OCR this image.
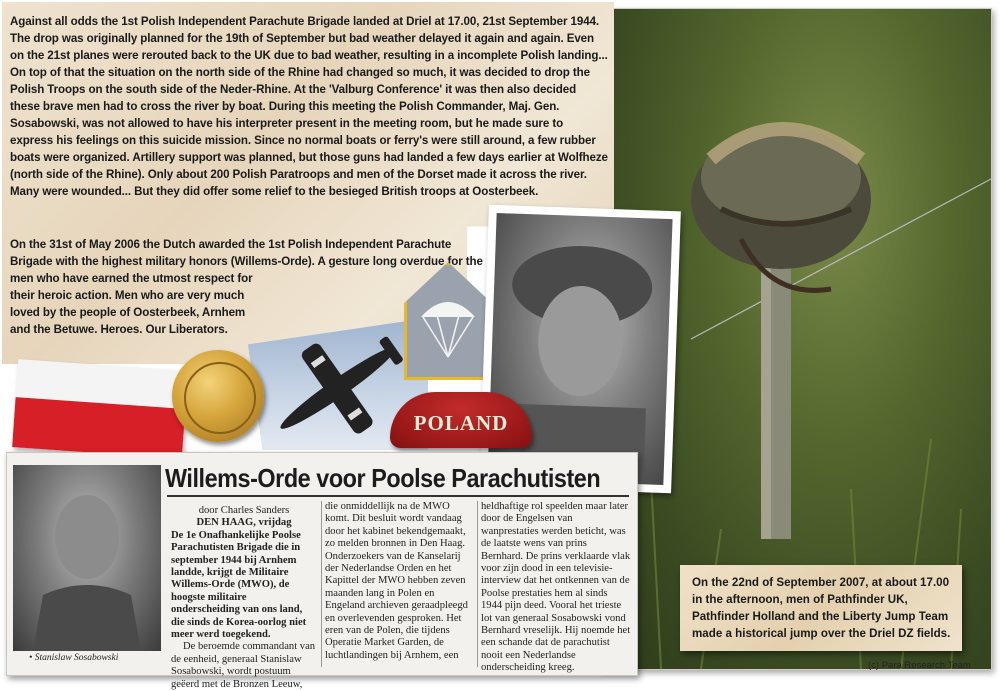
Against all odds the 1st Polish Independent Parachute Brigade landed at Driel at 17.00, 21st September 1944. The drop was originally planned for the 19th of September but bad weather delayed it again and again. Even on the 21st planes were rerouted back to the UK due to bad weather, resulting in a incomplete Polish landing... On top of that the situation on the north side of the Rhine had changed so much, it was decided to drop the Polish Troops on the south side of the Neder-Rhine. At the 'Valburg Conference' it was then also decided these brave men had to cross the river by boat. During this meeting the Polish Commander, Maj. Gen. Sosabowski, was not allowed to have his interpreter present in the meeting room, but he made sure to express his feelings on this suicide mission. Since no normal boats or ferry's were still around, a few rubber boats were organized. Artillery support was planned, but those guns had landed a few days earlier at Wolfheze (north side of the Rhine). Only about 200 Polish Paratroops and men of the Dorset made it across the river. Many were wounded... But they did offer some relief to the besieged British troops at Oosterbeek.
On the 31st of May 2006 the Dutch awarded the 1st Polish Independent Parachute Brigade with the highest military honors (Willems-Orde). A gesture long overdue for the
men who have earned the utmost respect for their heroic action. Men who are very much loved by the people of Oosterbeek, Arnhem and the Betuwe. Heroes. Our Liberators.
POLAND
• Stanislaw Sosabowski
Willems-Orde voor Poolse Parachutisten
door Charles Sanders
DEN HAAG, vrijdag
De 1e Onafhankelijke Poolse Parachutisten Brigade die in september 1944 bij Arnhem landde, krijgt de Militaire Willems-Orde (MWO), de hoogste militaire onderscheiding van ons land, die sinds de Korea-oorlog niet meer werd toegekend.
De beroemde commandant van de eenheid, generaal Stanislaw Sosabowski, wordt postuum geëerd met de Bronzen Leeuw,
die onmiddellijk na de MWO komt. Dit besluit wordt vandaag door het kabinet bekendgemaakt, zo melden bronnen in Den Haag. Onderzoekers van de Kanselarij der Nederlandse Orden en het Kapittel der MWO hebben zeven maanden lang in Polen en Engeland archieven geraadpleegd en overlevenden gesproken. Het eren van de Polen, die tijdens Operatie Market Garden, de luchtlandingen bij Arnhem, een
heldhaftige rol speelden maar later door de Engelsen van wanprestaties werden beticht, was de laatste wens van prins Bernhard. De prins verklaarde vlak voor zijn dood in een televisie-interview dat het ontkennen van de Poolse prestaties hem al sinds 1944 pijn deed. Vooral het trieste lot van generaal Sosabowski vond Bernhard vreselijk. Hij noemde het een schande dat de parachutist nooit een Nederlandse onderscheiding kreeg.
On the 22nd of September 2007, at about 17.00 in the afternoon, men of Pathfinder UK, Pathfinder Holland and the Liberty Jump Team made a historical jump over the Driel DZ fields.
(c) Para Research Team
